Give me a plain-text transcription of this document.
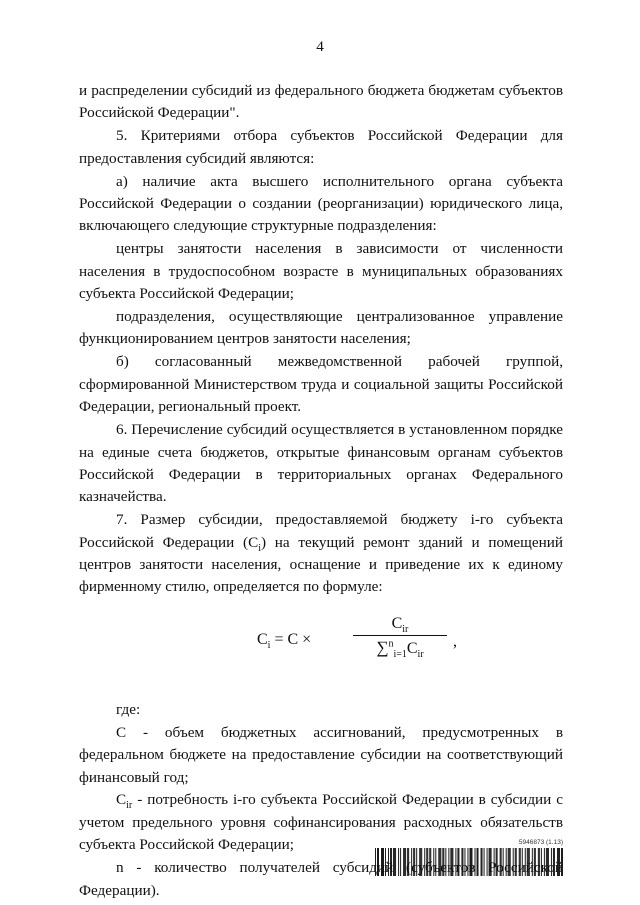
4

и распределении субсидий из федерального бюджета бюджетам субъектов Российской Федерации".

5. Критериями отбора субъектов Российской Федерации для предоставления субсидий являются:

а) наличие акта высшего исполнительного органа субъекта Российской Федерации о создании (реорганизации) юридического лица, включающего следующие структурные подразделения:

центры занятости населения в зависимости от численности населения в трудоспособном возрасте в муниципальных образованиях субъекта Российской Федерации;

подразделения, осуществляющие централизованное управление функционированием центров занятости населения;

б) согласованный межведомственной рабочей группой, сформированной Министерством труда и социальной защиты Российской Федерации, региональный проект.

6. Перечисление субсидий осуществляется в установленном порядке на единые счета бюджетов, открытые финансовым органам субъектов Российской Федерации в территориальных органах Федерального казначейства.

7. Размер субсидии, предоставляемой бюджету i-го субъекта Российской Федерации $(C_i)$ на текущий ремонт зданий и помещений центров занятости населения, оснащение и приведение их к единому фирменному стилю, определяется по формуле:

$C_i = C$ ×
$C_{ir}$
$\sum^n_{i=1}C_{ir}$
,

где:

C - объем бюджетных ассигнований, предусмотренных в федеральном бюджете на предоставление субсидии на соответствующий финансовый год;

$C_{ir}$ - потребность i-го субъекта Российской Федерации в субсидии с учетом предельного уровня софинансирования расходных обязательств субъекта Российской Федерации;

n - количество получателей субсидий (субъектов Российской Федерации).

5946873 (1.13)
